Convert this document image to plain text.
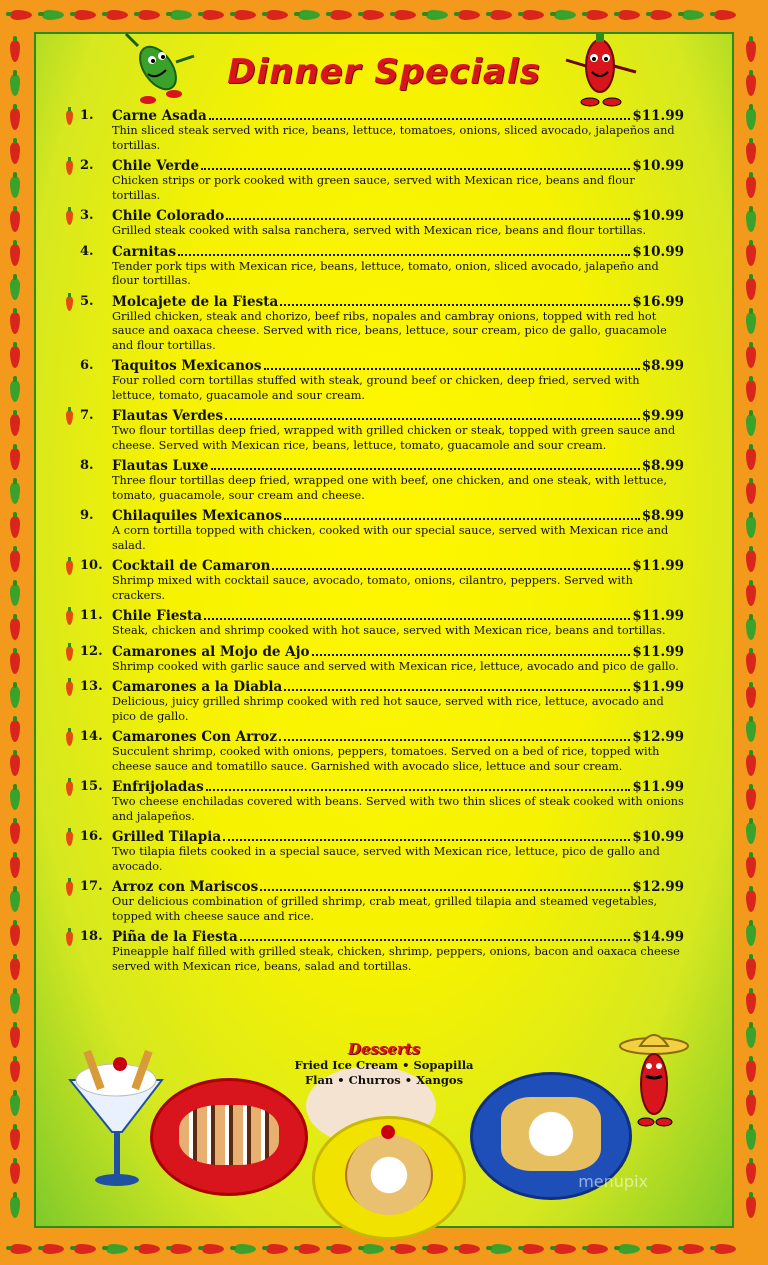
Dinner Specials
1. Carne Asada	$11.99
Thin sliced steak served with rice, beans, lettuce, tomatoes, onions, sliced avocado, jalapeños and tortillas.
2. Chile Verde	$10.99
Chicken strips or pork cooked with green sauce, served with Mexican rice, beans and flour tortillas.
3. Chile Colorado	$10.99
Grilled steak cooked with salsa ranchera, served with Mexican rice, beans and flour tortillas.
4. Carnitas	$10.99
Tender pork tips with Mexican rice, beans, lettuce, tomato, onion, sliced avocado, jalapeño and flour tortillas.
5. Molcajete de la Fiesta	$16.99
Grilled chicken, steak and chorizo, beef ribs, nopales and cambray onions, topped with red hot sauce and oaxaca cheese. Served with rice, beans, lettuce, sour cream, pico de gallo, guacamole and flour tortillas.
6. Taquitos Mexicanos	$8.99
Four rolled corn tortillas stuffed with steak, ground beef or chicken, deep fried, served with lettuce, tomato, guacamole and sour cream.
7. Flautas Verdes	$9.99
Two flour tortillas deep fried, wrapped with grilled chicken or steak, topped with green sauce and cheese. Served with Mexican rice, beans, lettuce, tomato, guacamole and sour cream.
8. Flautas Luxe	$8.99
Three flour tortillas deep fried, wrapped one with beef, one chicken, and one steak, with lettuce, tomato, guacamole, sour cream and cheese.
9. Chilaquiles Mexicanos	$8.99
A corn tortilla topped with chicken, cooked with our special sauce, served with Mexican rice and salad.
10. Cocktail de Camaron	$11.99
Shrimp mixed with cocktail sauce, avocado, tomato, onions, cilantro, peppers. Served with crackers.
11. Chile Fiesta	$11.99
Steak, chicken and shrimp cooked with hot sauce, served with Mexican rice, beans and tortillas.
12. Camarones al Mojo de Ajo	$11.99
Shrimp cooked with garlic sauce and served with Mexican rice, lettuce, avocado and pico de gallo.
13. Camarones a la Diabla	$11.99
Delicious, juicy grilled shrimp cooked with red hot sauce, served with rice, lettuce, avocado and pico de gallo.
14. Camarones Con Arroz	$12.99
Succulent shrimp, cooked with onions, peppers, tomatoes. Served on a bed of rice, topped with cheese sauce and tomatillo sauce. Garnished with avocado slice, lettuce and sour cream.
15. Enfrijoladas	$11.99
Two cheese enchiladas covered with beans. Served with two thin slices of steak cooked with onions and jalapeños.
16. Grilled Tilapia	$10.99
Two tilapia filets cooked in a special sauce, served with Mexican rice, lettuce, pico de gallo and avocado.
17. Arroz con Mariscos	$12.99
Our delicious combination of grilled shrimp, crab meat, grilled tilapia and steamed vegetables, topped with cheese sauce and rice.
18. Piña de la Fiesta	$14.99
Pineapple half filled with grilled steak, chicken, shrimp, peppers, onions, bacon and oaxaca cheese served with Mexican rice, beans, salad and tortillas.
Desserts
Fried Ice Cream • Sopapilla
Flan • Churros • Xangos
menupix
